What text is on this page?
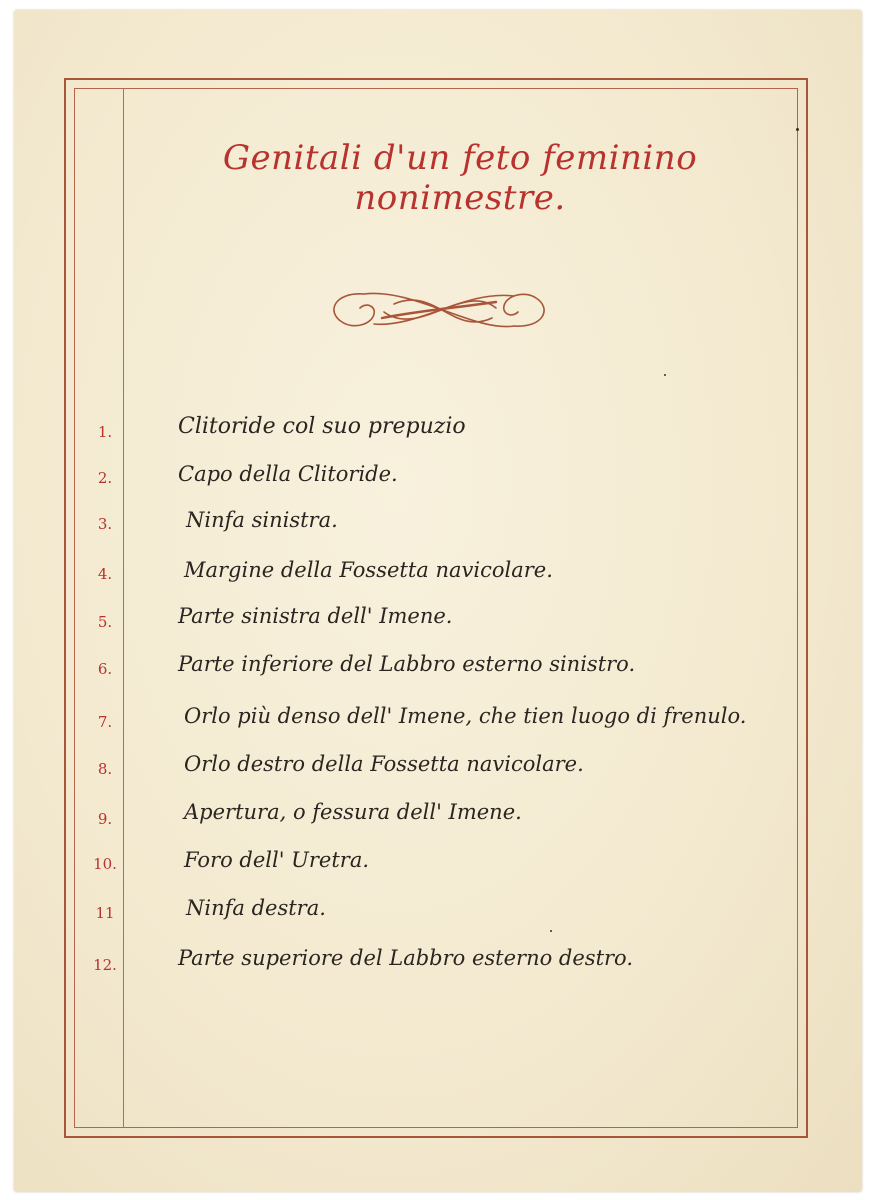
Genitali d'un feto feminino nonimestre.
1.	Clitoride col suo prepuzio
2.	Capo della Clitoride.
3.	Ninfa sinistra.
4.	Margine della Fossetta navicolare.
5.	Parte sinistra dell' Imene.
6.	Parte inferiore del Labbro esterno sinistro.
7.	Orlo più denso dell' Imene, che tien luogo di frenulo.
8.	Orlo destro della Fossetta navicolare.
9.	Apertura, o fessura dell' Imene.
10.	Foro dell' Uretra.
11	Ninfa destra.
12.	Parte superiore del Labbro esterno destro.
